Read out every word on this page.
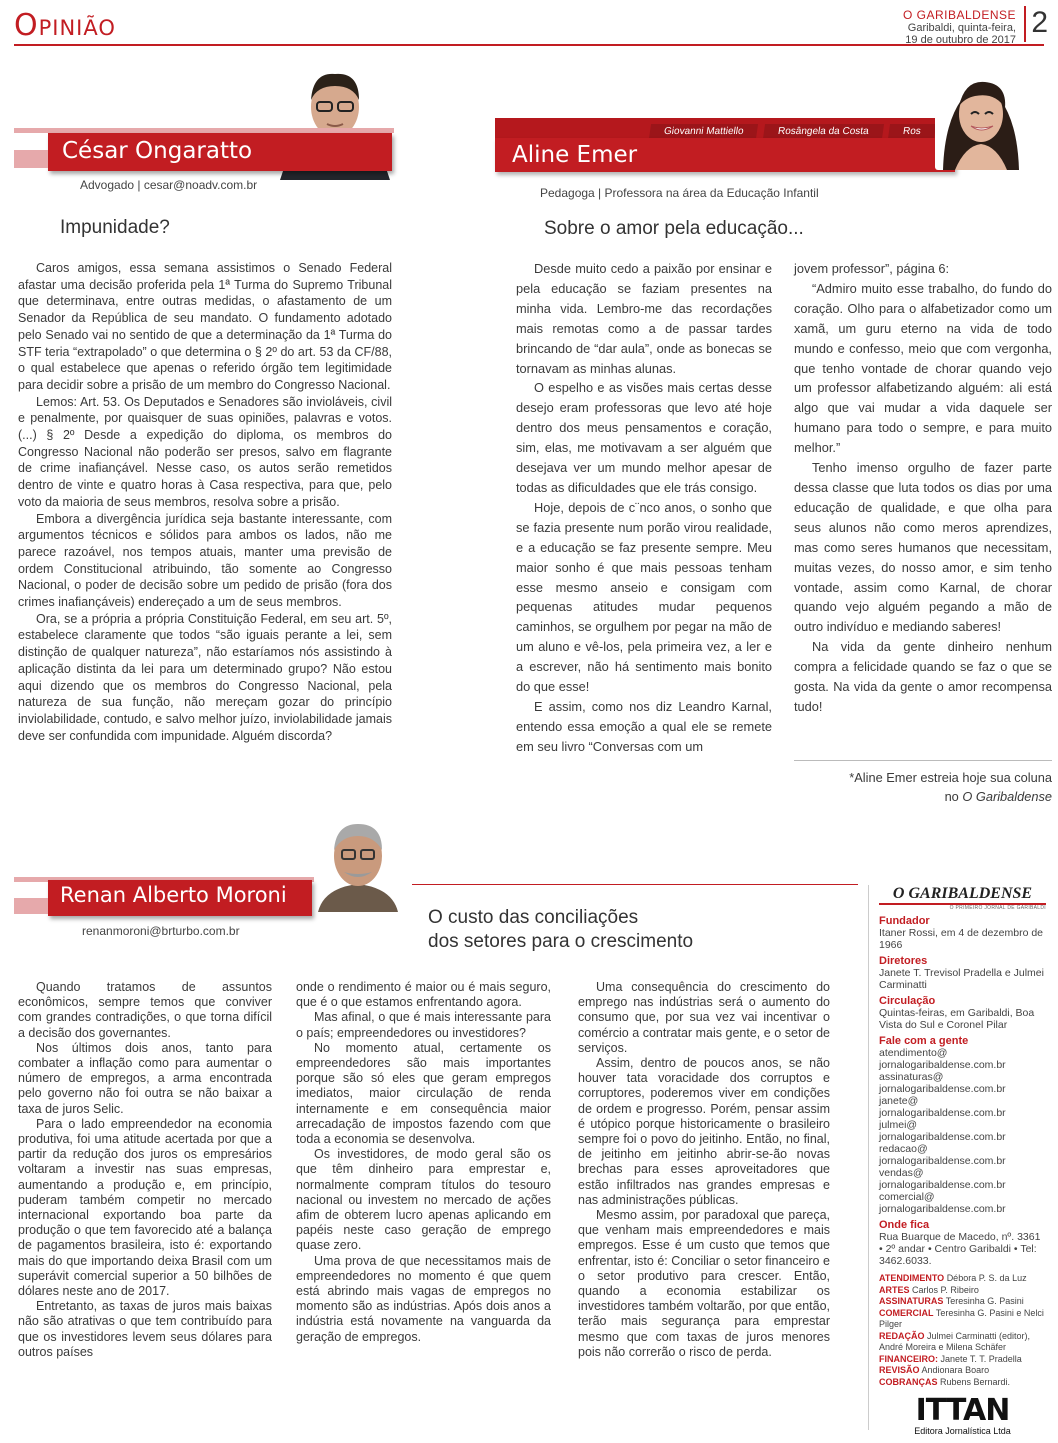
Opinião	O GARIBALDENSE
Garibaldi, quinta-feira,
19 de outubro de 2017
2
César Ongaratto
Advogado | cesar@noadv.com.br
Impunidade?

Caros amigos, essa semana assistimos o Senado Federal afastar uma decisão proferida pela 1ª Turma do Supremo Tribunal que determinava, entre outras medidas, o afastamento de um Senador da República de seu mandato. O fundamento adotado pelo Senado vai no sentido de que a determinação da 1ª Turma do STF teria “extrapolado” o que determina o § 2º do art. 53 da CF/88, o qual estabelece que apenas o referido órgão tem legitimidade para decidir sobre a prisão de um membro do Congresso Nacional.

Lemos: Art. 53. Os Deputados e Senadores são invioláveis, civil e penalmente, por quaisquer de suas opiniões, palavras e votos. (...) § 2º Desde a expedição do diploma, os membros do Congresso Nacional não poderão ser presos, salvo em flagrante de crime inafiançável. Nesse caso, os autos serão remetidos dentro de vinte e quatro horas à Casa respectiva, para que, pelo voto da maioria de seus membros, resolva sobre a prisão.

Embora a divergência jurídica seja bastante interessante, com argumentos técnicos e sólidos para ambos os lados, não me parece razoável, nos tempos atuais, manter uma previsão de ordem Constitucional atribuindo, tão somente ao Congresso Nacional, o poder de decisão sobre um pedido de prisão (fora dos crimes inafiançáveis) endereçado a um de seus membros.

Ora, se a própria a própria Constituição Federal, em seu art. 5º, estabelece claramente que todos “são iguais perante a lei, sem distinção de qualquer natureza”, não estaríamos nós assistindo à aplicação distinta da lei para um determinado grupo? Não estou aqui dizendo que os membros do Congresso Nacional, pela natureza de sua função, não mereçam gozar do princípio inviolabilidade, contudo, e salvo melhor juízo, inviolabilidade jamais deve ser confundida com impunidade. Alguém discorda?

Giovanni Mattiello	Rosângela da Costa	Ros
Aline Emer
Pedagoga | Professora na área da Educação Infantil
Sobre o amor pela educação...

Desde muito cedo a paixão por ensinar e pela educação se faziam presentes na minha vida. Lembro-me das recordações mais remotas como a de passar tardes brincando de “dar aula”, onde as bonecas se tornavam as minhas alunas.

O espelho e as visões mais certas desse desejo eram professoras que levo até hoje dentro dos meus pensamentos e coração, sim, elas, me motivavam a ser alguém que desejava ver um mundo melhor apesar de todas as dificuldades que ele trás consigo.

Hoje, depois de c¨nco anos, o sonho que se fazia presente num porão virou realidade, e a educação se faz presente sempre. Meu maior sonho é que mais pessoas tenham esse mesmo anseio e consigam com pequenas atitudes mudar pequenos caminhos, se orgulhem por pegar na mão de um aluno e vê-los, pela primeira vez, a ler e a escrever, não há sentimento mais bonito do que esse!

E assim, como nos diz Leandro Karnal, entendo essa emoção a qual ele se remete em seu livro “Conversas com um

jovem professor”, página 6:

“Admiro muito esse trabalho, do fundo do coração. Olho para o alfabetizador como um xamã, um guru eterno na vida de todo mundo e confesso, meio que com vergonha, que tenho vontade de chorar quando vejo um professor alfabetizando alguém: ali está algo que vai mudar a vida daquele ser humano para todo o sempre, e para muito melhor.”

Tenho imenso orgulho de fazer parte dessa classe que luta todos os dias por uma educação de qualidade, e que olha para seus alunos não como meros aprendizes, mas como seres humanos que necessitam, muitas vezes, do nosso amor, e sim tenho vontade, assim como Karnal, de chorar quando vejo alguém pegando a mão de outro indivíduo e mediando saberes!

Na vida da gente dinheiro nenhum compra a felicidade quando se faz o que se gosta. Na vida da gente o amor recompensa tudo!

*Aline Emer estreia hoje sua coluna
no O Garibaldense
Renan Alberto Moroni
renanmoroni@brturbo.com.br
O custo das conciliações
dos setores para o crescimento

Quando tratamos de assuntos econômicos, sempre temos que conviver com grandes contradições, o que torna difícil a decisão dos governantes.

Nos últimos dois anos, tanto para combater a inflação como para aumentar o número de empregos, a arma encontrada pelo governo não foi outra se não baixar a taxa de juros Selic.

Para o lado empreendedor na economia produtiva, foi uma atitude acertada por que a partir da redução dos juros os empresários voltaram a investir nas suas empresas, aumentando a produção e, em princípio, puderam também competir no mercado internacional exportando boa parte da produção o que tem favorecido até a balança de pagamentos brasileira, isto é: exportando mais do que importando deixa Brasil com um superávit comercial superior a 50 bilhões de dólares neste ano de 2017.

Entretanto, as taxas de juros mais baixas não são atrativas o que tem contribuído para que os investidores levem seus dólares para outros países

onde o rendimento é maior ou é mais seguro, que é o que estamos enfrentando agora.

Mas afinal, o que é mais interessante para o país; empreendedores ou investidores?

No momento atual, certamente os empreendedores são mais importantes porque são só eles que geram empregos imediatos, maior circulação de renda internamente e em consequência maior arrecadação de impostos fazendo com que toda a economia se desenvolva.

Os investidores, de modo geral são os que têm dinheiro para emprestar e, normalmente compram títulos do tesouro nacional ou investem no mercado de ações afim de obterem lucro apenas aplicando em papéis neste caso geração de emprego quase zero.

Uma prova de que necessitamos mais de empreendedores no momento é que quem está abrindo mais vagas de empregos no momento são as indústrias. Após dois anos a indústria está novamente na vanguarda da geração de empregos.

Uma consequência do crescimento do emprego nas indústrias será o aumento do consumo que, por sua vez vai incentivar o comércio a contratar mais gente, e o setor de serviços.

Assim, dentro de poucos anos, se não houver tata voracidade dos corruptos e corruptores, poderemos viver em condições de ordem e progresso. Porém, pensar assim é utópico porque historicamente o brasileiro sempre foi o povo do jeitinho. Então, no final, de jeitinho em jeitinho abrir-se-ão novas brechas para esses aproveitadores que estão infiltrados nas grandes empresas e nas administrações públicas.

Mesmo assim, por paradoxal que pareça, que venham mais empreendedores e mais empregos. Esse é um custo que temos que enfrentar, isto é: Conciliar o setor financeiro e o setor produtivo para crescer. Então, quando a economia estabilizar os investidores também voltarão, por que então, terão mais segurança para emprestar mesmo que com taxas de juros menores pois não correrão o risco de perda.

O GARIBALDENSE
O PRIMEIRO JORNAL DE GARIBALDI
Fundador
Itaner Rossi, em 4 de dezembro de 1966
Diretores
Janete T. Trevisol Pradella e Julmei Carminatti
Circulação
Quintas-feiras, em Garibaldi, Boa Vista do Sul e Coronel Pilar
Fale com a gente
atendimento@
jornalogaribaldense.com.br
assinaturas@
jornalogaribaldense.com.br
janete@
jornalogaribaldense.com.br
julmei@
jornalogaribaldense.com.br
redacao@
jornalogaribaldense.com.br
vendas@
jornalogaribaldense.com.br
comercial@
jornalogaribaldense.com.br
Onde fica
Rua Buarque de Macedo, nº. 3361 • 2º andar • Centro Garibaldi • Tel: 3462.6033.
ATENDIMENTO Débora P. S. da Luz
ARTES Carlos P. Ribeiro
ASSINATURAS Teresinha G. Pasini
COMERCIAL Teresinha G. Pasini e Nelci Pilger
REDAÇÃO Julmei Carminatti (editor), André Moreira e Milena Schäfer
FINANCEIRO: Janete T. T. Pradella
REVISÃO Andionara Boaro
COBRANÇAS Rubens Bernardi.
ITTAN
Editora Jornalística Ltda
